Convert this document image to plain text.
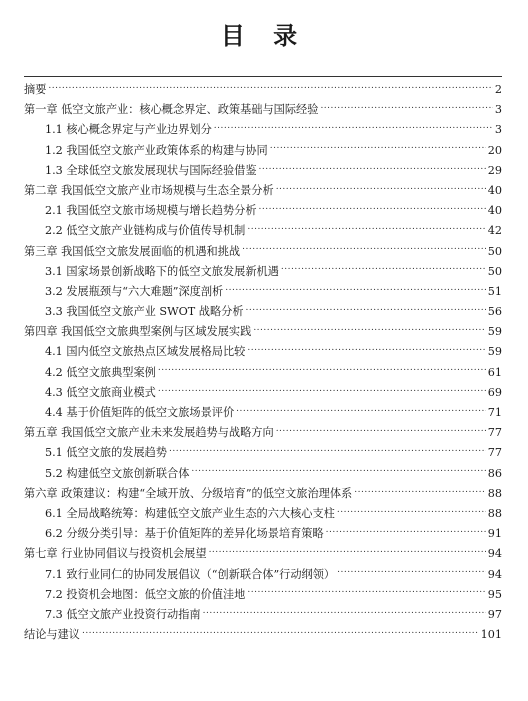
目 录
摘要 .....	2
第一章 低空文旅产业：核心概念界定、政策基础与国际经验 .....	3
1.1 核心概念界定与产业边界划分 .....	3
1.2 我国低空文旅产业政策体系的构建与协同 .....	20
1.3 全球低空文旅发展现状与国际经验借鉴 .....	29
第二章 我国低空文旅产业市场规模与生态全景分析 .....	40
2.1 我国低空文旅市场规模与增长趋势分析 .....	40
2.2 低空文旅产业链构成与价值传导机制 .....	42
第三章 我国低空文旅发展面临的机遇和挑战 .....	50
3.1 国家场景创新战略下的低空文旅发展新机遇 .....	50
3.2 发展瓶颈与“六大难题”深度剖析 .....	51
3.3 我国低空文旅产业 SWOT 战略分析 .....	56
第四章 我国低空文旅典型案例与区域发展实践 .....	59
4.1 国内低空文旅热点区域发展格局比较 .....	59
4.2 低空文旅典型案例 .....	61
4.3 低空文旅商业模式 .....	69
4.4 基于价值矩阵的低空文旅场景评价 .....	71
第五章 我国低空文旅产业未来发展趋势与战略方向 .....	77
5.1 低空文旅的发展趋势 .....	77
5.2 构建低空文旅创新联合体 .....	86
第六章 政策建议：构建“全域开放、分级培育”的低空文旅治理体系 .....	88
6.1 全局战略统筹：构建低空文旅产业生态的六大核心支柱 .....	88
6.2 分级分类引导：基于价值矩阵的差异化场景培育策略 .....	91
第七章 行业协同倡议与投资机会展望 .....	94
7.1 致行业同仁的协同发展倡议（“创新联合体”行动纲领） .....	94
7.2 投资机会地图：低空文旅的价值洼地 .....	95
7.3 低空文旅产业投资行动指南 .....	97
结论与建议 .....	101
